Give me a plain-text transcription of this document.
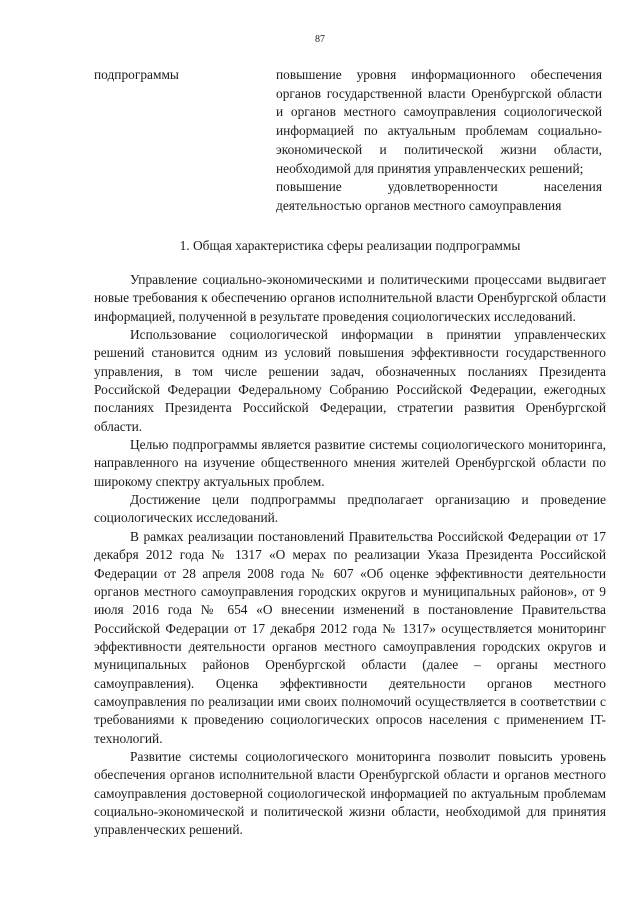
87
подпрограммы	повышение уровня информационного обеспечения органов государственной власти Оренбургской области и органов местного самоуправления социологической информацией по актуальным проблемам социально-экономической и политической жизни области, необходимой для принятия управленческих решений;

повышение удовлетворенности населения деятельностью органов местного самоуправления

1. Общая характеристика сферы реализации подпрограммы

Управление социально-экономическими и политическими процессами выдвигает новые требования к обеспечению органов исполнительной власти Оренбургской области информацией, полученной в результате проведения социологических исследований.

Использование социологической информации в принятии управленческих решений становится одним из условий повышения эффективности государственного управления, в том числе решении задач, обозначенных посланиях Президента Российской Федерации Федеральному Собранию Российской Федерации, ежегодных посланиях Президента Российской Федерации, стратегии развития Оренбургской области.

Целью подпрограммы является развитие системы социологического мониторинга, направленного на изучение общественного мнения жителей Оренбургской области по широкому спектру актуальных проблем.

Достижение цели подпрограммы предполагает организацию и проведение социологических исследований.

В рамках реализации постановлений Правительства Российской Федерации от 17 декабря 2012 года № 1317 «О мерах по реализации Указа Президента Российской Федерации от 28 апреля 2008 года № 607 «Об оценке эффективности деятельности органов местного самоуправления городских округов и муниципальных районов», от 9 июля 2016 года № 654 «О внесении изменений в постановление Правительства Российской Федерации от 17 декабря 2012 года № 1317» осуществляется мониторинг эффективности деятельности органов местного самоуправления городских округов и муниципальных районов Оренбургской области (далее – органы местного самоуправления). Оценка эффективности деятельности органов местного самоуправления по реализации ими своих полномочий осуществляется в соответствии с требованиями к проведению социологических опросов населения с применением IT-технологий.

Развитие системы социологического мониторинга позволит повысить уровень обеспечения органов исполнительной власти Оренбургской области и органов местного самоуправления достоверной социологической информацией по актуальным проблемам социально-экономической и политической жизни области, необходимой для принятия управленческих решений.
